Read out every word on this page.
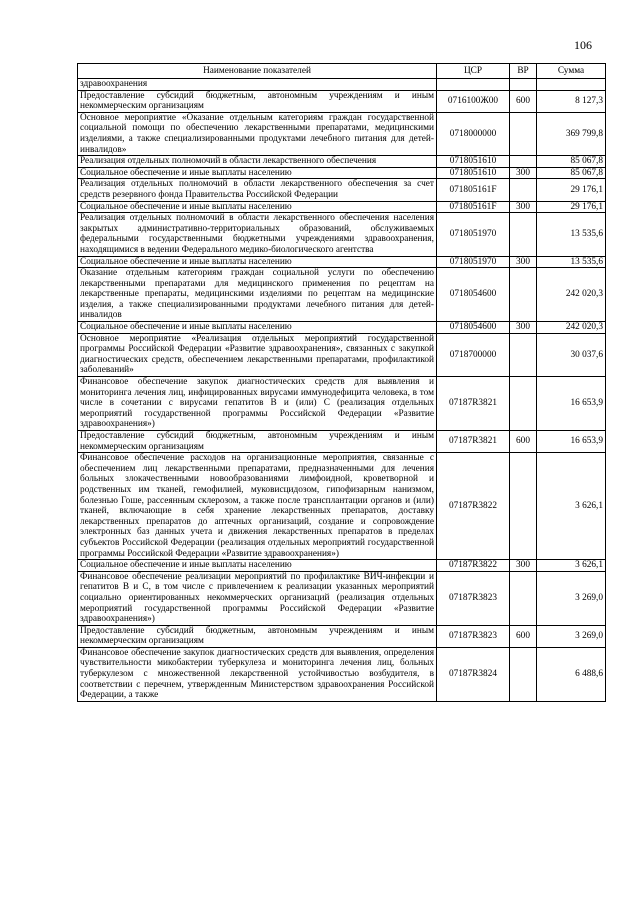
106
Наименование показателей	ЦСР	ВР	Сумма
здравоохранения			
Предоставление субсидий бюджетным, автономным учреждениям и иным некоммерческим организациям	0716100Ж00	600	8 127,3
Основное мероприятие «Оказание отдельным категориям граждан государственной социальной помощи по обеспечению лекарственными препаратами, медицинскими изделиями, а также специализированными продуктами лечебного питания для детей-инвалидов»	0718000000		369 799,8
Реализация отдельных полномочий в области лекарственного обеспечения	0718051610		85 067,8
Социальное обеспечение и иные выплаты населению	0718051610	300	85 067,8
Реализация отдельных полномочий в области лекарственного обеспечения за счет средств резервного фонда Правительства Российской Федерации	071805161F		29 176,1
Социальное обеспечение и иные выплаты населению	071805161F	300	29 176,1
Реализация отдельных полномочий в области лекарственного обеспечения населения закрытых административно-территориальных образований, обслуживаемых федеральными государственными бюджетными учреждениями здравоохранения, находящимися в ведении Федерального медико-биологического агентства	0718051970		13 535,6
Социальное обеспечение и иные выплаты населению	0718051970	300	13 535,6
Оказание отдельным категориям граждан социальной услуги по обеспечению лекарственными препаратами для медицинского применения по рецептам на лекарственные препараты, медицинскими изделиями по рецептам на медицинские изделия, а также специализированными продуктами лечебного питания для детей-инвалидов	0718054600		242 020,3
Социальное обеспечение и иные выплаты населению	0718054600	300	242 020,3
Основное мероприятие «Реализация отдельных мероприятий государственной программы Российской Федерации «Развитие здравоохранения», связанных с закупкой диагностических средств, обеспечением лекарственными препаратами, профилактикой заболеваний»	0718700000		30 037,6
Финансовое обеспечение закупок диагностических средств для выявления и мониторинга лечения лиц, инфицированных вирусами иммунодефицита человека, в том числе в сочетании с вирусами гепатитов В и (или) С (реализация отдельных мероприятий государственной программы Российской Федерации «Развитие здравоохранения»)	07187R3821		16 653,9
Предоставление субсидий бюджетным, автономным учреждениям и иным некоммерческим организациям	07187R3821	600	16 653,9
Финансовое обеспечение расходов на организационные мероприятия, связанные с обеспечением лиц лекарственными препаратами, предназначенными для лечения больных злокачественными новообразованиями лимфоидной, кроветворной и родственных им тканей, гемофилией, муковисцидозом, гипофизарным нанизмом, болезнью Гоше, рассеянным склерозом, а также после трансплантации органов и (или) тканей, включающие в себя хранение лекарственных препаратов, доставку лекарственных препаратов до аптечных организаций, создание и сопровождение электронных баз данных учета и движения лекарственных препаратов в пределах субъектов Российской Федерации (реализация отдельных мероприятий государственной программы Российской Федерации «Развитие здравоохранения»)	07187R3822		3 626,1
Социальное обеспечение и иные выплаты населению	07187R3822	300	3 626,1
Финансовое обеспечение реализации мероприятий по профилактике ВИЧ-инфекции и гепатитов В и С, в том числе с привлечением к реализации указанных мероприятий социально ориентированных некоммерческих организаций (реализация отдельных мероприятий государственной программы Российской Федерации «Развитие здравоохранения»)	07187R3823		3 269,0
Предоставление субсидий бюджетным, автономным учреждениям и иным некоммерческим организациям	07187R3823	600	3 269,0
Финансовое обеспечение закупок диагностических средств для выявления, определения чувствительности микобактерии туберкулеза и мониторинга лечения лиц, больных туберкулезом с множественной лекарственной устойчивостью возбудителя, в соответствии с перечнем, утвержденным Министерством здравоохранения Российской Федерации, а также	07187R3824		6 488,6
